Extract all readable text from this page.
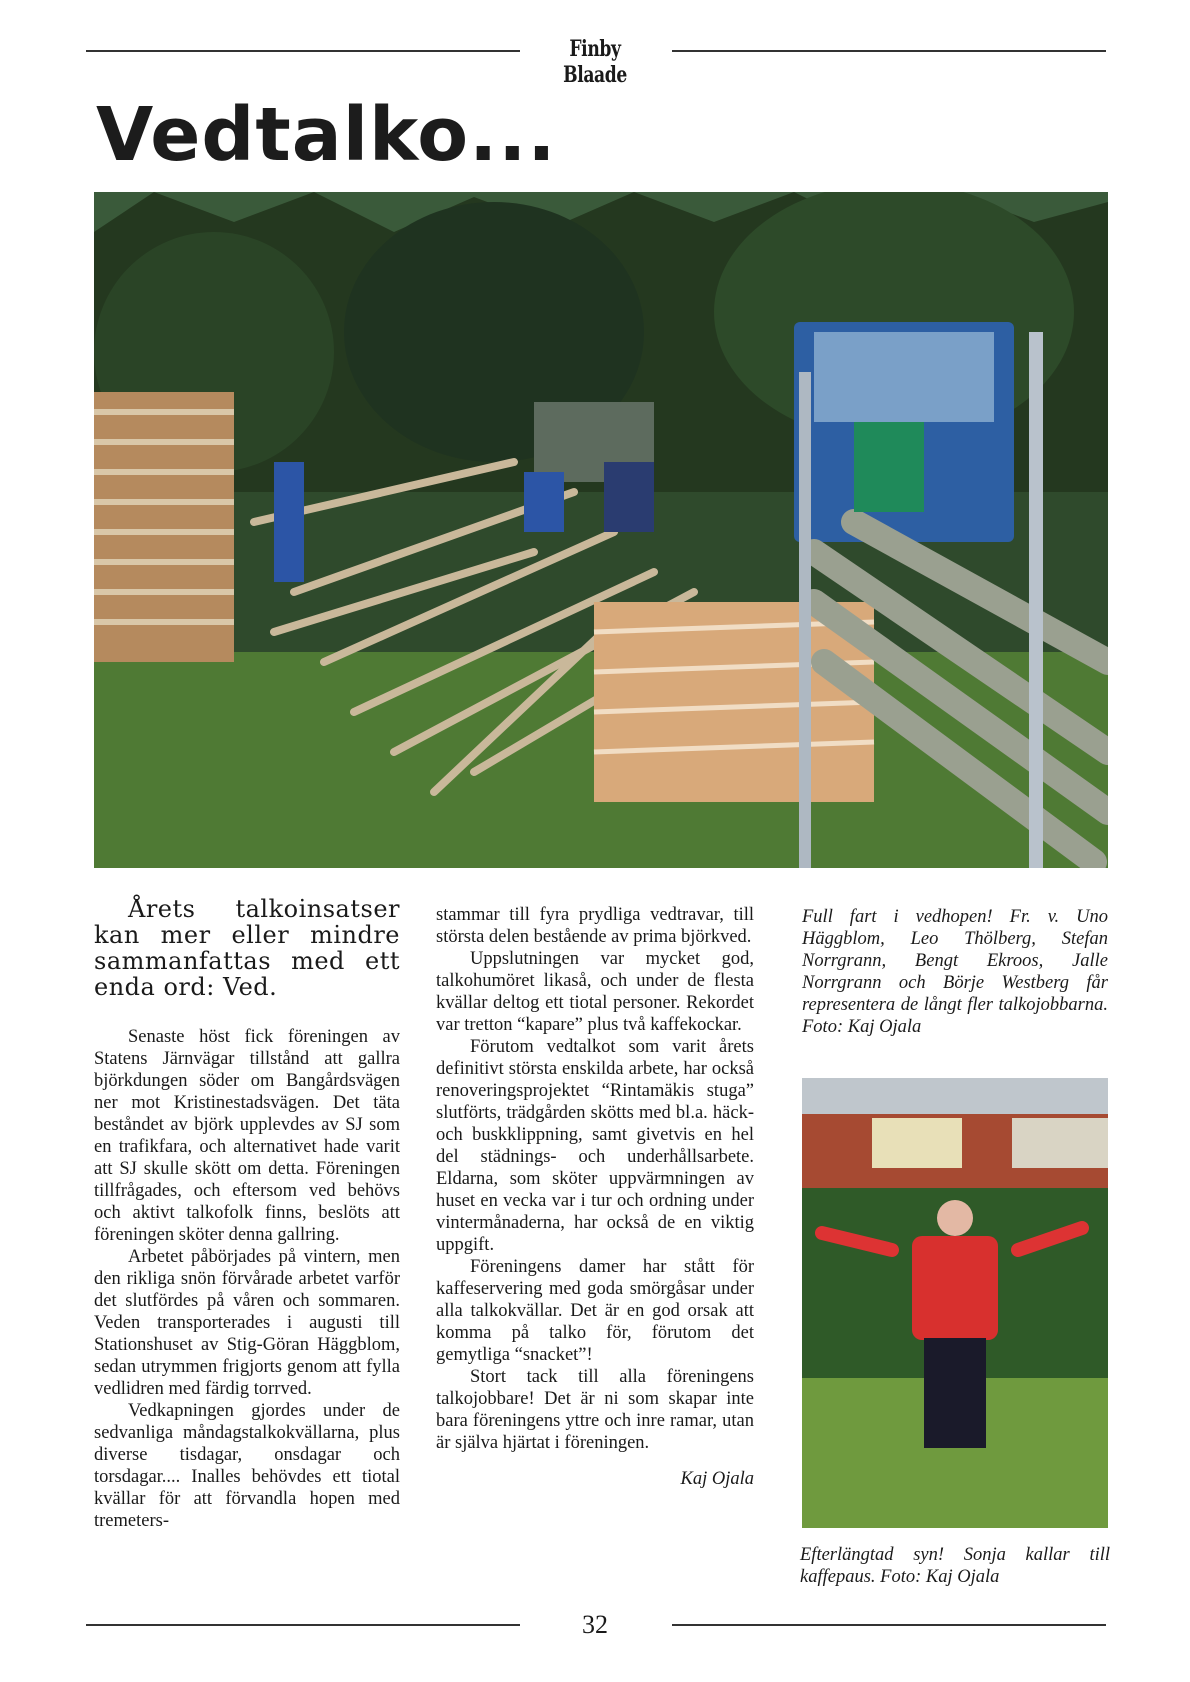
Finby Blaade
Vedtalko...

Årets talkoinsatser kan mer eller mindre sammanfattas med ett enda ord: Ved.

Senaste höst fick föreningen av Statens Järnvägar tillstånd att gallra björkdungen söder om Bangårdsvägen ner mot Kristinestadsvägen. Det täta beståndet av björk upplevdes av SJ som en trafikfara, och alternativet hade varit att SJ skulle skött om detta. Föreningen tillfrågades, och eftersom ved behövs och aktivt talkofolk finns, beslöts att föreningen sköter denna gallring.

Arbetet påbörjades på vintern, men den rikliga snön förvårade arbetet varför det slutfördes på våren och sommaren. Veden transporterades i augusti till Stationshuset av Stig-Göran Häggblom, sedan utrymmen frigjorts genom att fylla vedlidren med färdig torrved.

Vedkapningen gjordes under de sedvanliga måndagstalkokvällarna, plus diverse tisdagar, onsdagar och torsdagar.... Inalles behövdes ett tiotal kvällar för att förvandla hopen med tremeters-

stammar till fyra prydliga vedtravar, till största delen bestående av prima björkved.

Uppslutningen var mycket god, talkohumöret likaså, och under de flesta kvällar deltog ett tiotal personer. Rekordet var tretton “kapare” plus två kaffekockar.

Förutom vedtalkot som varit årets definitivt största enskilda arbete, har också renoveringsprojektet “Rintamäkis stuga” slutförts, trädgården skötts med bl.a. häck- och buskklippning, samt givetvis en hel del städnings- och underhållsarbete. Eldarna, som sköter uppvärmningen av huset en vecka var i tur och ordning under vintermånaderna, har också de en viktig uppgift.

Föreningens damer har stått för kaffeservering med goda smörgåsar under alla talkokvällar. Det är en god orsak att komma på talko för, förutom det gemytliga “snacket”!

Stort tack till alla föreningens talkojobbare! Det är ni som skapar inte bara föreningens yttre och inre ramar, utan är själva hjärtat i föreningen.

Kaj Ojala

Full fart i vedhopen! Fr. v. Uno Häggblom, Leo Thölberg, Stefan Norrgrann, Bengt Ekroos, Jalle Norrgrann och Börje Westberg får representera de långt fler talkojobbarna. Foto: Kaj Ojala
Efterlängtad syn! Sonja kallar till kaffepaus. Foto: Kaj Ojala
32
